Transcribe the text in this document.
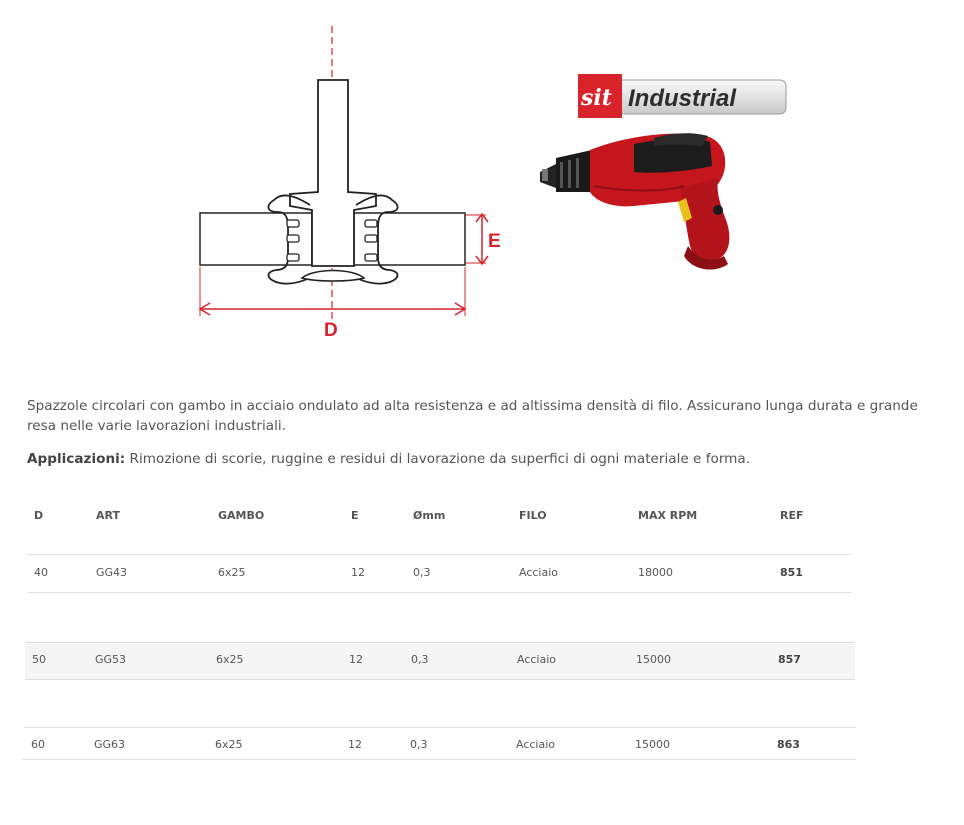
E
D
sit Industrial

Spazzole circolari con gambo in acciaio ondulato ad alta resistenza e ad altissima densità di filo. Assicurano lunga durata e grande resa nelle varie lavorazioni industriali.

Applicazioni: Rimozione di scorie, ruggine e residui di lavorazione da superfici di ogni materiale e forma.

D	ART	GAMBO	E	Ømm	FILO	MAX RPM	REF
40	GG43	6x25	12	0,3	Acciaio	18000	851
50	GG53	6x25	12	0,3	Acciaio	15000	857
60	GG63	6x25	12	0,3	Acciaio	15000	863
